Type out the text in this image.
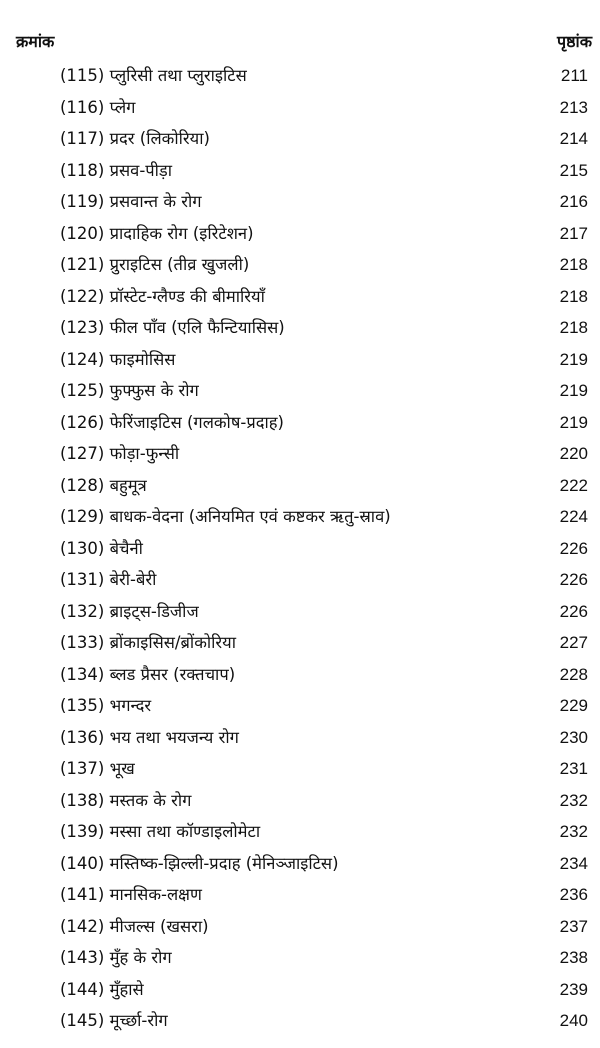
क्रमांक	पृष्ठांक
(115) प्लुरिसी तथा प्लुराइटिस	211
(116) प्लेग	213
(117) प्रदर (लिकोरिया)	214
(118) प्रसव-पीड़ा	215
(119) प्रसवान्त के रोग	216
(120) प्रादाहिक रोग (इरिटेशन)	217
(121) प्रुराइटिस (तीव्र खुजली)	218
(122) प्रॉस्टेट-ग्लैण्ड की बीमारियाँ	218
(123) फील पाँव (एलि फैन्टियासिस)	218
(124) फाइमोसिस	219
(125) फुफ्फुस के रोग	219
(126) फेरिंजाइटिस (गलकोष-प्रदाह)	219
(127) फोड़ा-फुन्सी	220
(128) बहुमूत्र	222
(129) बाधक-वेदना (अनियमित एवं कष्टकर ऋतु-स्राव)	224
(130) बेचैनी	226
(131) बेरी-बेरी	226
(132) ब्राइट्स-डिजीज	226
(133) ब्रोंकाइसिस/ब्रोंकोरिया	227
(134) ब्लड प्रैसर (रक्तचाप)	228
(135) भगन्दर	229
(136) भय तथा भयजन्य रोग	230
(137) भूख	231
(138) मस्तक के रोग	232
(139) मस्सा तथा कॉण्डाइलोमेटा	232
(140) मस्तिष्क-झिल्ली-प्रदाह (मेनिञ्जाइटिस)	234
(141) मानसिक-लक्षण	236
(142) मीजल्स (खसरा)	237
(143) मुँह के रोग	238
(144) मुँहासे	239
(145) मूर्च्छा-रोग	240
